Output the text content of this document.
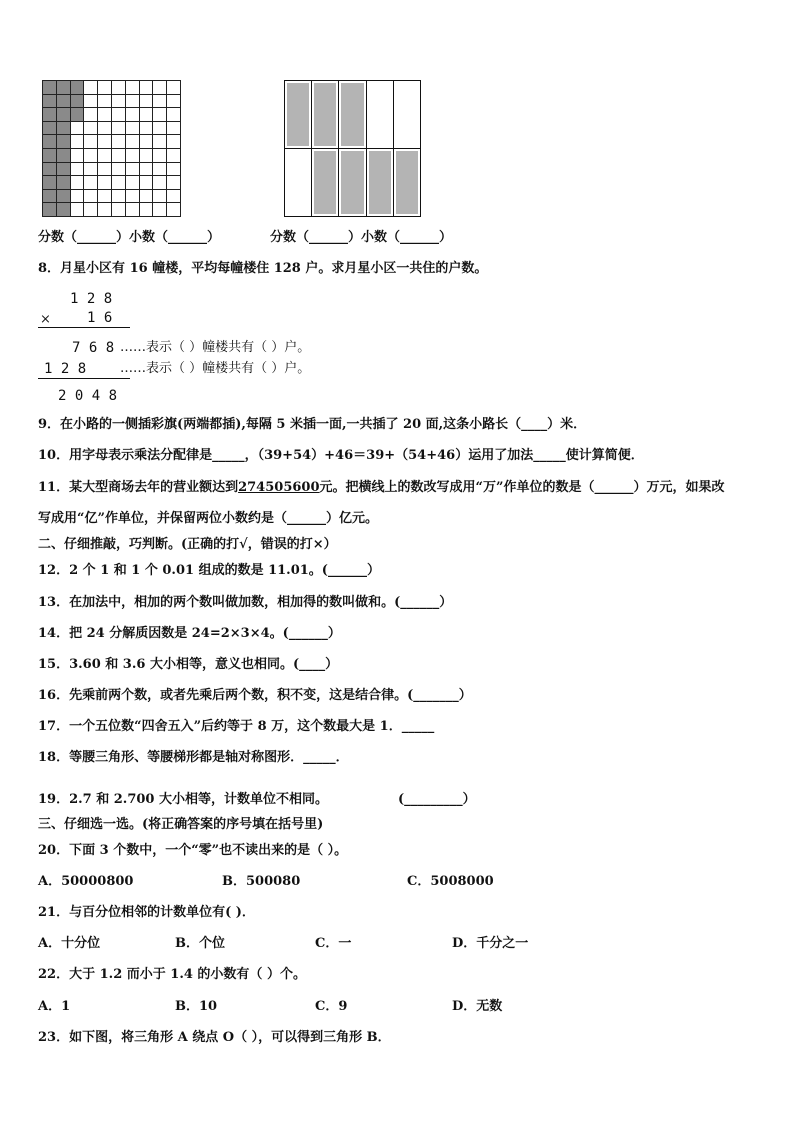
分数（______）小数（______）	分数（______）小数（______）
8．月星小区有 16 幢楼，平均每幢楼住 128 户。求月星小区一共住的户数。
1 2 8
×	1 6
7 6 8 ……表示（ ）幢楼共有（ ）户。
1 2 8	……表示（ ）幢楼共有（ ）户。
2 0 4 8
9．在小路的一侧插彩旗(两端都插),每隔 5 米插一面,一共插了 20 面,这条小路长（____）米．
10．用字母表示乘法分配律是_____，（39+54）+46＝39+（54+46）运用了加法_____使计算简便．
11．某大型商场去年的营业额达到274505600元。把横线上的数改写成用“万”作单位的数是（______）万元，如果改
写成用“亿”作单位，并保留两位小数约是（______）亿元。
二、仔细推敲，巧判断。(正确的打√，错误的打×）
12．2 个 1 和 1 个 0.01 组成的数是 11.01。(______）
13．在加法中，相加的两个数叫做加数，相加得的数叫做和。(______）
14．把 24 分解质因数是 24=2×3×4。(______）
15．3.60 和 3.6 大小相等，意义也相同。(____）
16．先乘前两个数，或者先乘后两个数，积不变，这是结合律。(_______）
17．一个五位数“四舍五入”后约等于 8 万，这个数最大是 1．_____
18．等腰三角形、等腰梯形都是轴对称图形．_____．
19．2.7 和 2.700 大小相等，计数单位不相同。	(_________）
三、仔细选一选。(将正确答案的序号填在括号里)
20．下面 3 个数中，一个“零”也不读出来的是（ ）。
A．50000800	B．500080	C．5008000
21．与百分位相邻的计数单位有( )．
A．十分位	B．个位	C．一	D．千分之一
22．大于 1.2 而小于 1.4 的小数有（ ）个。
A．1	B．10	C．9	D．无数
23．如下图，将三角形 A 绕点 O（ ），可以得到三角形 B．
